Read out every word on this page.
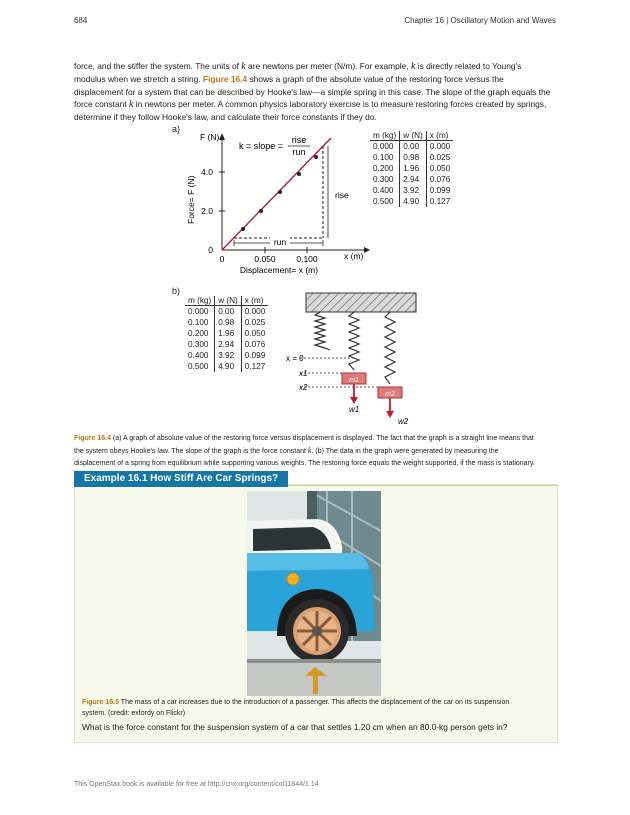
684	Chapter 16 | Oscillatory Motion and Waves

force, and the stiffer the system. The units of k are newtons per meter (N/m). For example, k is directly related to Young's

modulus when we stretch a string. Figure 16.4 shows a graph of the absolute value of the restoring force versus the

displacement for a system that can be described by Hooke's law—a simple spring in this case. The slope of the graph equals the

force constant k in newtons per meter. A common physics laboratory exercise is to measure restoring forces created by springs,

determine if they follow Hooke's law, and calculate their force constants if they do.

a)
0
2.0
4.0
0	0.050 0.100
Displacement= x (m)
x (m)
F (N)
Force= F (N)
run
rise
k = slope =
rise
run
m (kg)	w (N)	x (m)
0.000	0.00	0.000
0.100	0.98	0.025
0.200	1.96	0.050
0.300	2.94	0.076
0.400	3.92	0.099
0.500	4.90	0.127
b)
m (kg)	w (N)	x (m)
0.000	0.00	0.000
0.100	0.98	0.025
0.200	1.96	0.050
0.300	2.94	0.076
0.400	3.92	0.099
0.500	4.90	0.127
x = 0
x1
x2
m1
m2
w1
w2
Figure 16.4 (a) A graph of absolute value of the restoring force versus displacement is displayed. The fact that the graph is a straight line means that
the system obeys Hooke's law. The slope of the graph is the force constant k. (b) The data in the graph were generated by measuring the
displacement of a spring from equilibrium while supporting various weights. The restoring force equals the weight supported, if the mass is stationary.
Example 16.1 How Stiff Are Car Springs?
Figure 16.5 The mass of a car increases due to the introduction of a passenger. This affects the displacement of the car on its suspension
system. (credit: exfordy on Flickr)
What is the force constant for the suspension system of a car that settles 1.20 cm when an 80.0-kg person gets in?
This OpenStax book is available for free at http://cnx.org/content/col11844/1.14
